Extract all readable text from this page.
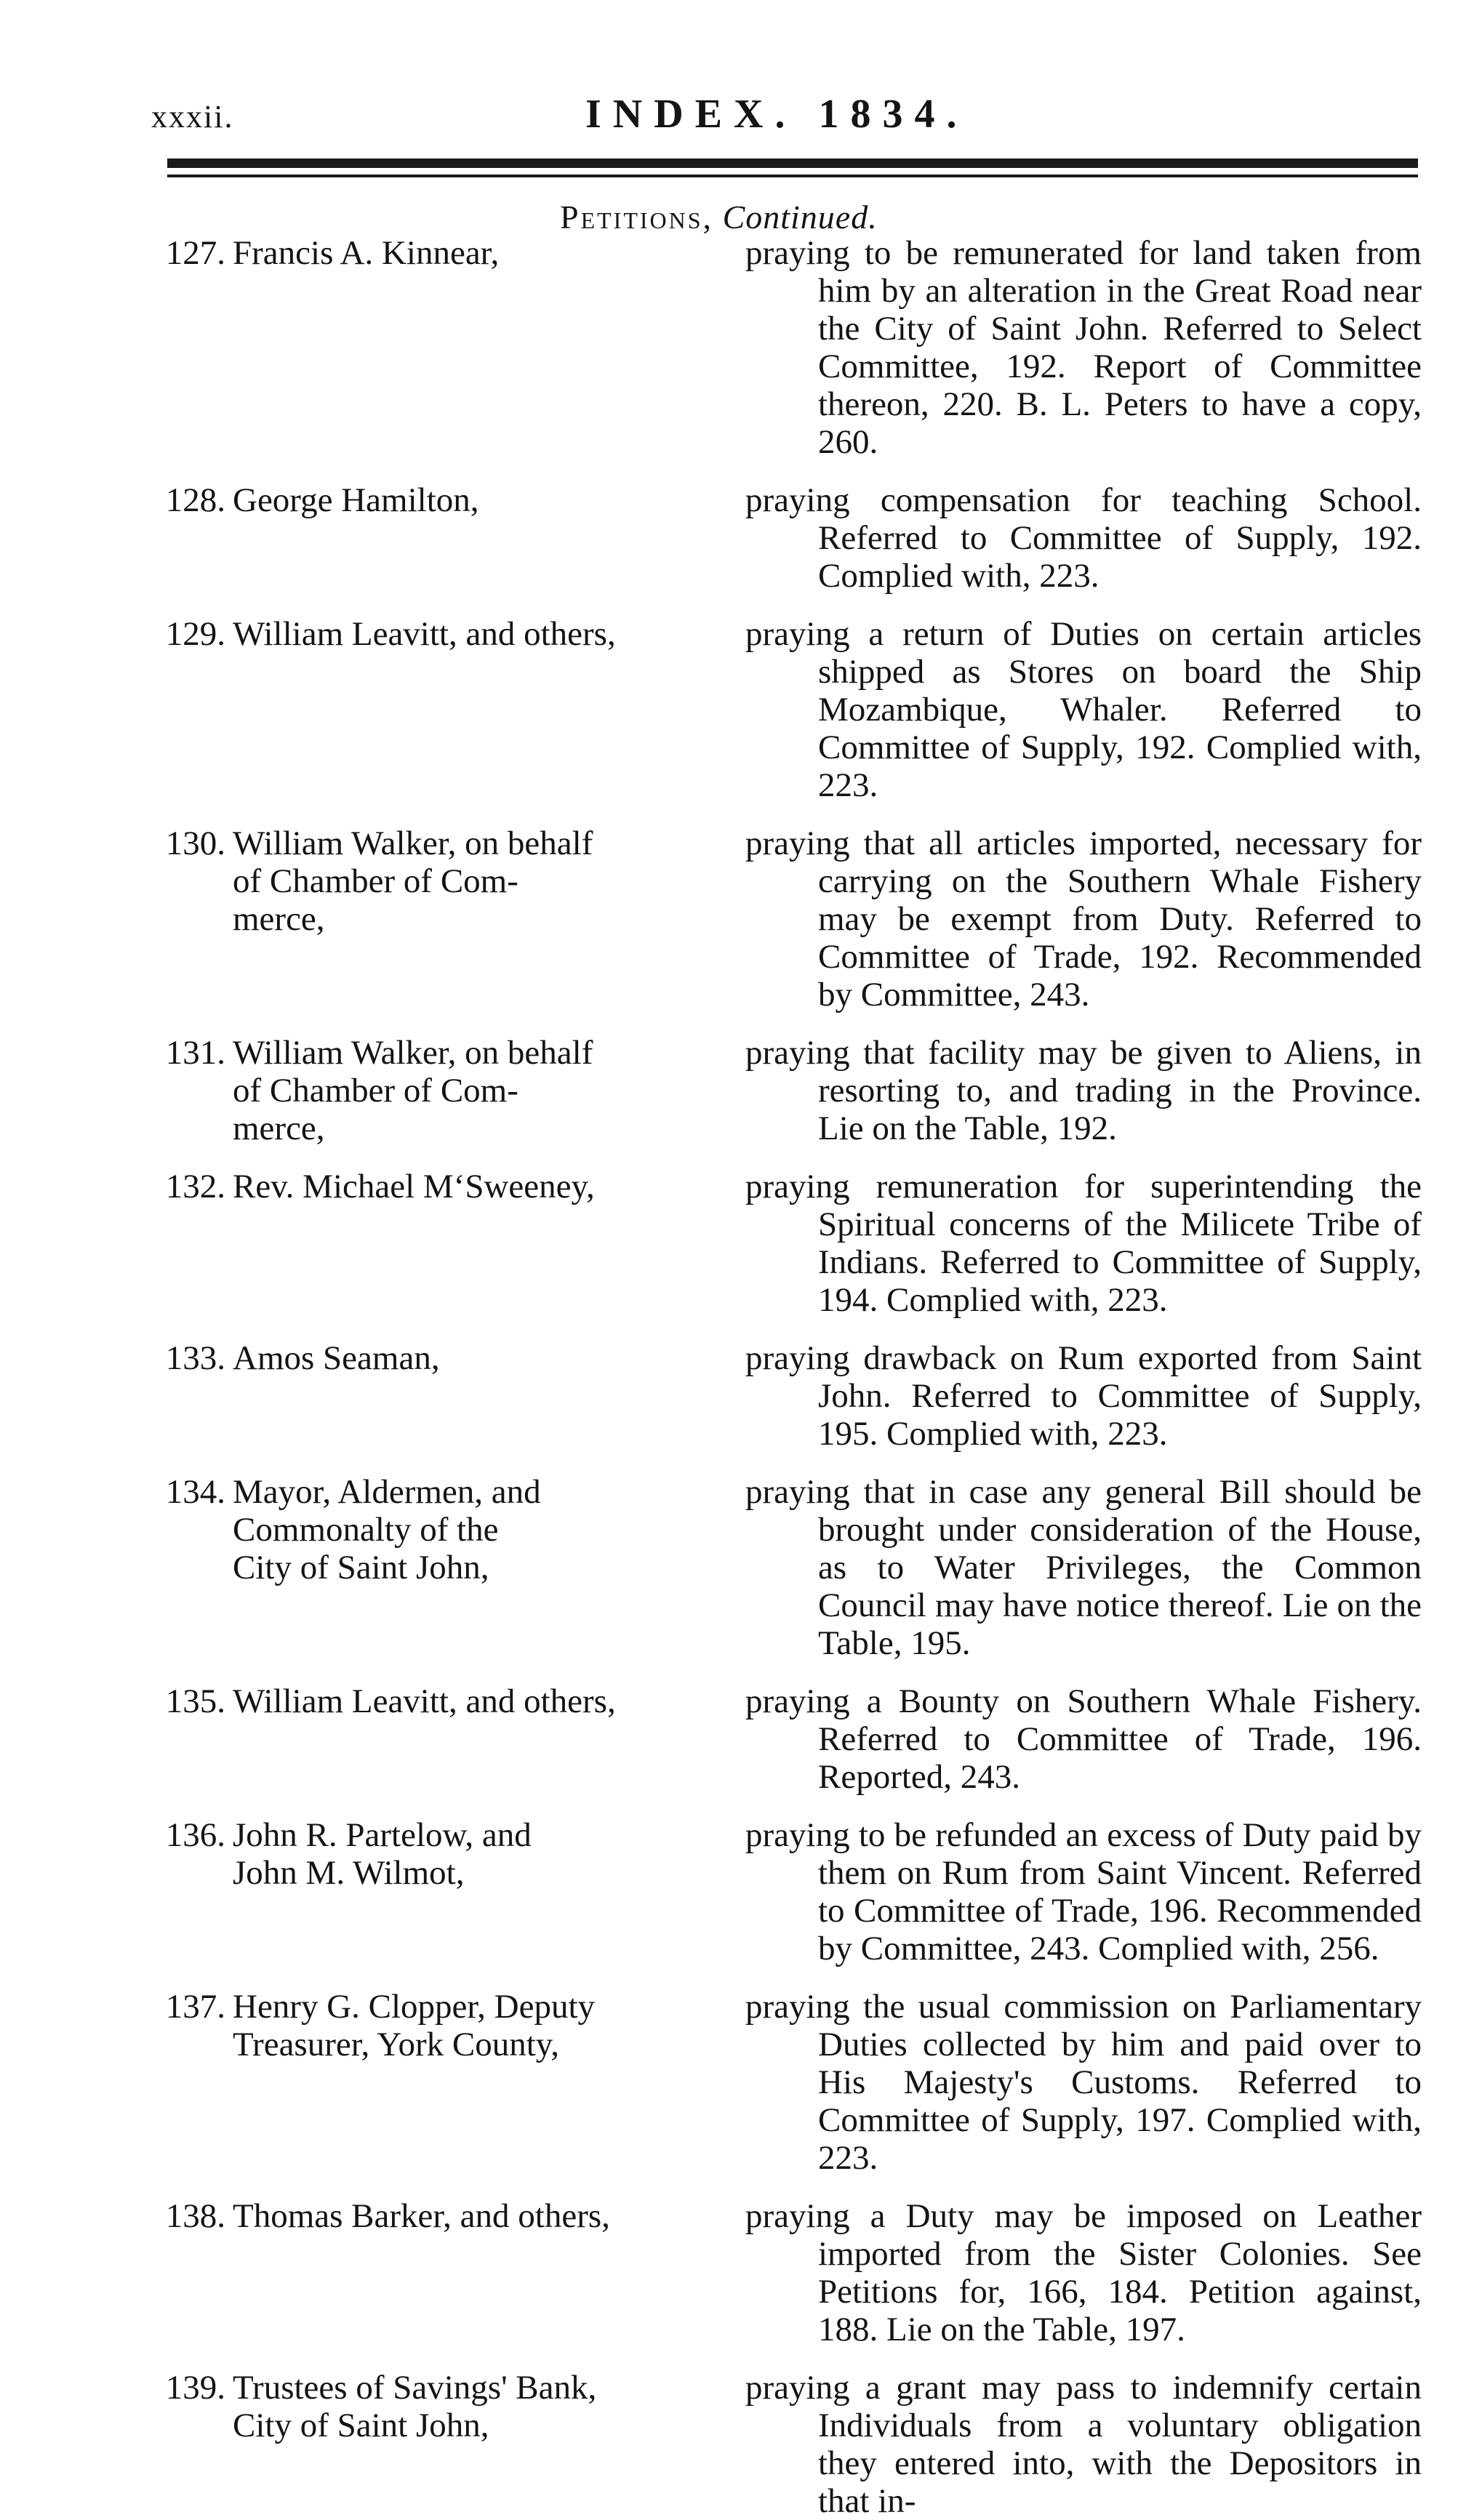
xxxii.	INDEX. 1834.
Petitions, Continued.
127. Francis A. Kinnear,	praying to be remunerated for land taken from him by an alteration in the Great Road near the City of Saint John. Referred to Select Committee, 192. Report of Committee thereon, 220. B. L. Peters to have a copy, 260.
128. George Hamilton,	praying compensation for teaching School. Referred to Committee of Supply, 192. Complied with, 223.
129. William Leavitt, and others,	praying a return of Duties on certain articles shipped as Stores on board the Ship Mozambique, Whaler. Referred to Committee of Supply, 192. Complied with, 223.
130. William Walker, on behalf
of Chamber of Com-
merce,
praying that all articles imported, necessary for carrying on the Southern Whale Fishery may be exempt from Duty. Referred to Committee of Trade, 192. Recommended by Committee, 243.
131. William Walker, on behalf
of Chamber of Com-
merce,
praying that facility may be given to Aliens, in resorting to, and trading in the Province. Lie on the Table, 192.
132. Rev. Michael M‘Sweeney,	praying remuneration for superintending the Spiritual concerns of the Milicete Tribe of Indians. Referred to Committee of Supply, 194. Complied with, 223.
133. Amos Seaman,	praying drawback on Rum exported from Saint John. Referred to Committee of Supply, 195. Complied with, 223.
134. Mayor, Aldermen, and
Commonalty of the
City of Saint John,
praying that in case any general Bill should be brought under consideration of the House, as to Water Privileges, the Common Council may have notice thereof. Lie on the Table, 195.
135. William Leavitt, and others,	praying a Bounty on Southern Whale Fishery. Referred to Committee of Trade, 196. Reported, 243.
136. John R. Partelow, and
John M. Wilmot,
praying to be refunded an excess of Duty paid by them on Rum from Saint Vincent. Referred to Committee of Trade, 196. Recommended by Committee, 243. Complied with, 256.
137. Henry G. Clopper, Deputy
Treasurer, York County,
praying the usual commission on Parliamentary Duties collected by him and paid over to His Majesty's Customs. Referred to Committee of Supply, 197. Complied with, 223.
138. Thomas Barker, and others,	praying a Duty may be imposed on Leather imported from the Sister Colonies. See Petitions for, 166, 184. Petition against, 188. Lie on the Table, 197.
139. Trustees of Savings' Bank,
City of Saint John,
praying a grant may pass to indemnify certain Individuals from a voluntary obligation they entered into, with the Depositors in that in-
